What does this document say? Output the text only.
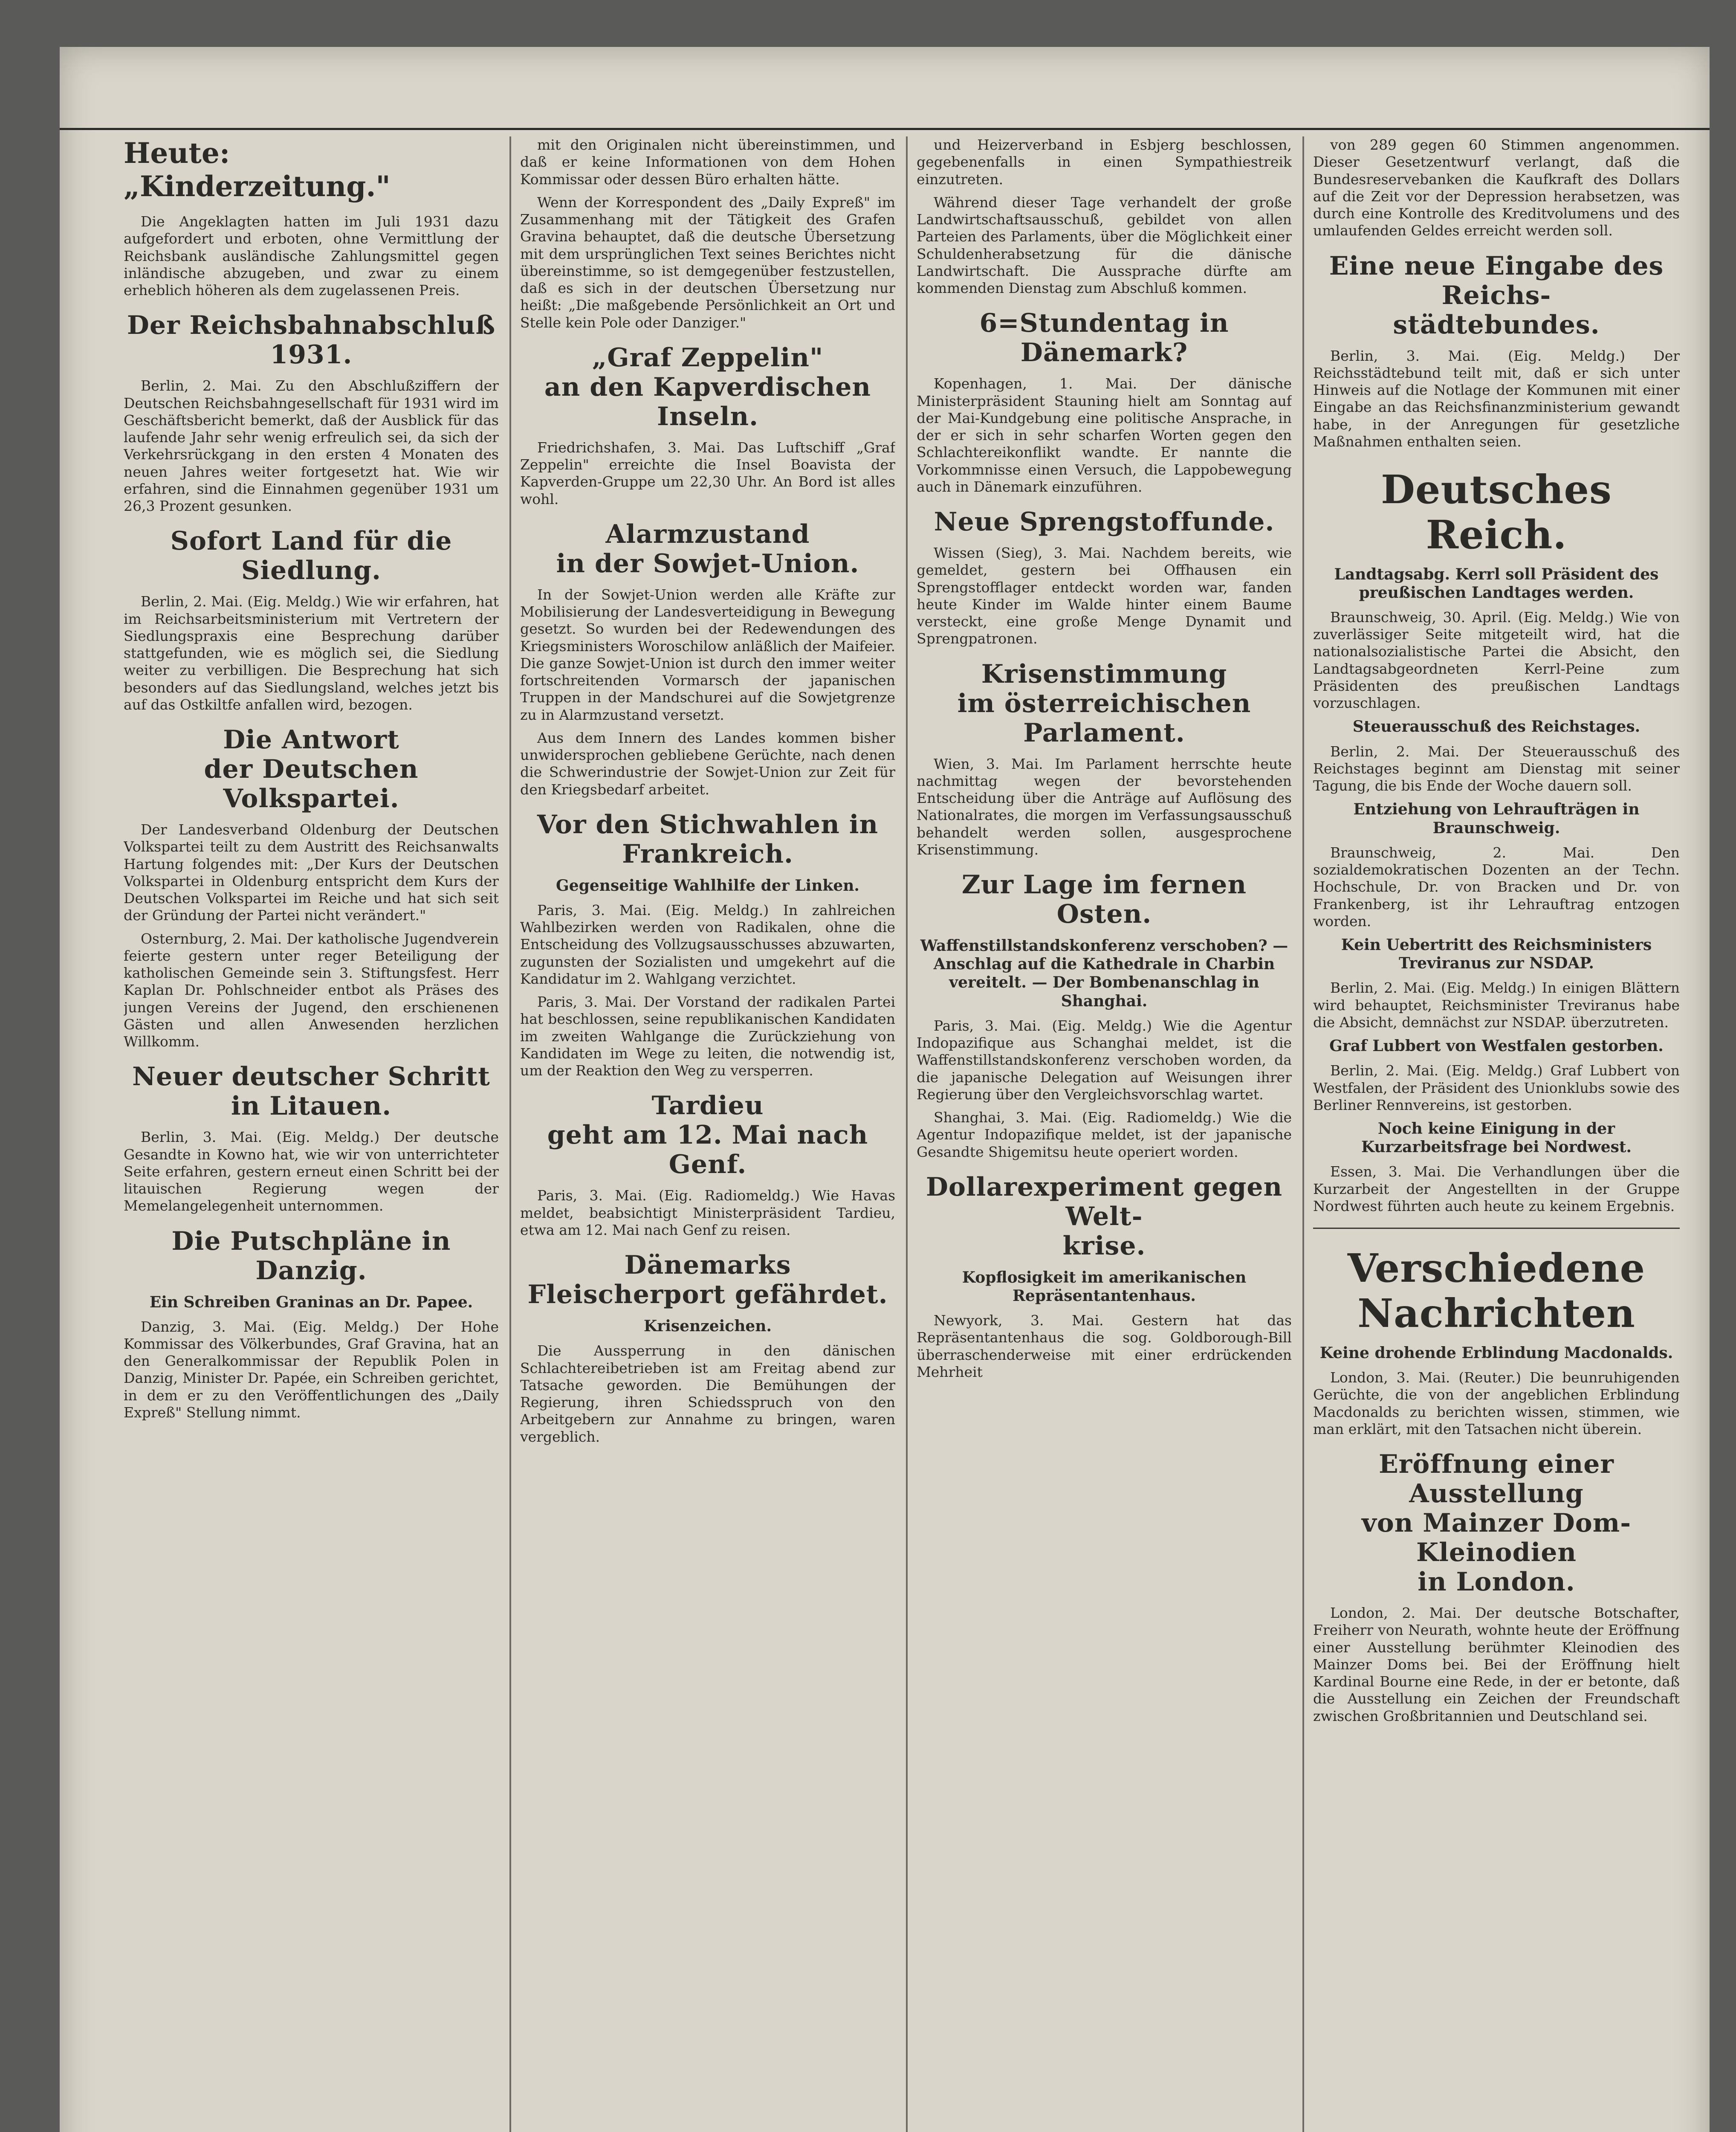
Heute: „Kinderzeitung."

Die Angeklagten hatten im Juli 1931 dazu aufgefordert und erboten, ohne Vermittlung der Reichsbank ausländische Zahlungsmittel gegen inländische abzugeben, und zwar zu einem erheblich höheren als dem zugelassenen Preis.

Der Reichsbahnabschluß 1931.

Berlin, 2. Mai. Zu den Abschlußziffern der Deutschen Reichsbahngesellschaft für 1931 wird im Geschäftsbericht bemerkt, daß der Ausblick für das laufende Jahr sehr wenig erfreulich sei, da sich der Verkehrsrückgang in den ersten 4 Monaten des neuen Jahres weiter fortgesetzt hat. Wie wir erfahren, sind die Einnahmen gegenüber 1931 um 26,3 Prozent gesunken.

Sofort Land für die Siedlung.

Berlin, 2. Mai. (Eig. Meldg.) Wie wir erfahren, hat im Reichsarbeitsministerium mit Vertretern der Siedlungspraxis eine Besprechung darüber stattgefunden, wie es möglich sei, die Siedlung weiter zu verbilligen. Die Besprechung hat sich besonders auf das Siedlungsland, welches jetzt bis auf das Ostkiltfe anfallen wird, bezogen.

Die Antwort
der Deutschen Volkspartei.

Der Landesverband Oldenburg der Deutschen Volkspartei teilt zu dem Austritt des Reichsanwalts Hartung folgendes mit: „Der Kurs der Deutschen Volkspartei in Oldenburg entspricht dem Kurs der Deutschen Volkspartei im Reiche und hat sich seit der Gründung der Partei nicht verändert."

Osternburg, 2. Mai. Der katholische Jugendverein feierte gestern unter reger Beteiligung der katholischen Gemeinde sein 3. Stiftungsfest. Herr Kaplan Dr. Pohlschneider entbot als Präses des jungen Vereins der Jugend, den erschienenen Gästen und allen Anwesenden herzlichen Willkomm.

Neuer deutscher Schritt
in Litauen.

Berlin, 3. Mai. (Eig. Meldg.) Der deutsche Gesandte in Kowno hat, wie wir von unterrichteter Seite erfahren, gestern erneut einen Schritt bei der litauischen Regierung wegen der Memelangelegenheit unternommen.

Die Putschpläne in Danzig.
Ein Schreiben Graninas an Dr. Papee.

Danzig, 3. Mai. (Eig. Meldg.) Der Hohe Kommissar des Völkerbundes, Graf Gravina, hat an den Generalkommissar der Republik Polen in Danzig, Minister Dr. Papée, ein Schreiben gerichtet, in dem er zu den Veröffentlichungen des „Daily Expreß" Stellung nimmt.

mit den Originalen nicht übereinstimmen, und daß er keine Informationen von dem Hohen Kommissar oder dessen Büro erhalten hätte.

Wenn der Korrespondent des „Daily Expreß" im Zusammenhang mit der Tätigkeit des Grafen Gravina behauptet, daß die deutsche Übersetzung mit dem ursprünglichen Text seines Berichtes nicht übereinstimme, so ist demgegenüber festzustellen, daß es sich in der deutschen Übersetzung nur heißt: „Die maßgebende Persönlichkeit an Ort und Stelle kein Pole oder Danziger."

„Graf Zeppelin"
an den Kapverdischen Inseln.

Friedrichshafen, 3. Mai. Das Luftschiff „Graf Zeppelin" erreichte die Insel Boavista der Kapverden-Gruppe um 22,30 Uhr. An Bord ist alles wohl.

Alarmzustand
in der Sowjet-Union.

In der Sowjet-Union werden alle Kräfte zur Mobilisierung der Landesverteidigung in Bewegung gesetzt. So wurden bei der Redewendungen des Kriegsministers Woroschilow anläßlich der Maifeier. Die ganze Sowjet-Union ist durch den immer weiter fortschreitenden Vormarsch der japanischen Truppen in der Mandschurei auf die Sowjetgrenze zu in Alarmzustand versetzt.

Aus dem Innern des Landes kommen bisher unwidersprochen gebliebene Gerüchte, nach denen die Schwerindustrie der Sowjet-Union zur Zeit für den Kriegsbedarf arbeitet.

Vor den Stichwahlen in
Frankreich.
Gegenseitige Wahlhilfe der Linken.

Paris, 3. Mai. (Eig. Meldg.) In zahlreichen Wahlbezirken werden von Radikalen, ohne die Entscheidung des Vollzugsausschusses abzuwarten, zugunsten der Sozialisten und umgekehrt auf die Kandidatur im 2. Wahlgang verzichtet.

Paris, 3. Mai. Der Vorstand der radikalen Partei hat beschlossen, seine republikanischen Kandidaten im zweiten Wahlgange die Zurückziehung von Kandidaten im Wege zu leiten, die notwendig ist, um der Reaktion den Weg zu versperren.

Tardieu
geht am 12. Mai nach Genf.

Paris, 3. Mai. (Eig. Radiomeldg.) Wie Havas meldet, beabsichtigt Ministerpräsident Tardieu, etwa am 12. Mai nach Genf zu reisen.

Dänemarks
Fleischerport gefährdet.
Krisenzeichen.

Die Aussperrung in den dänischen Schlachtereibetrieben ist am Freitag abend zur Tatsache geworden. Die Bemühungen der Regierung, ihren Schiedsspruch von den Arbeitgebern zur Annahme zu bringen, waren vergeblich.

und Heizerverband in Esbjerg beschlossen, gegebenenfalls in einen Sympathiestreik einzutreten.

Während dieser Tage verhandelt der große Landwirtschaftsausschuß, gebildet von allen Parteien des Parlaments, über die Möglichkeit einer Schuldenherabsetzung für die dänische Landwirtschaft. Die Aussprache dürfte am kommenden Dienstag zum Abschluß kommen.

6=Stundentag in Dänemark?

Kopenhagen, 1. Mai. Der dänische Ministerpräsident Stauning hielt am Sonntag auf der Mai-Kundgebung eine politische Ansprache, in der er sich in sehr scharfen Worten gegen den Schlachtereikonflikt wandte. Er nannte die Vorkommnisse einen Versuch, die Lappobewegung auch in Dänemark einzuführen.

Neue Sprengstoffunde.

Wissen (Sieg), 3. Mai. Nachdem bereits, wie gemeldet, gestern bei Offhausen ein Sprengstofflager entdeckt worden war, fanden heute Kinder im Walde hinter einem Baume versteckt, eine große Menge Dynamit und Sprengpatronen.

Krisenstimmung
im österreichischen Parlament.

Wien, 3. Mai. Im Parlament herrschte heute nachmittag wegen der bevorstehenden Entscheidung über die Anträge auf Auflösung des Nationalrates, die morgen im Verfassungsausschuß behandelt werden sollen, ausgesprochene Krisenstimmung.

Zur Lage im fernen Osten.
Waffenstillstandskonferenz verschoben? — Anschlag auf die Kathedrale in Charbin vereitelt. — Der Bombenanschlag in Shanghai.

Paris, 3. Mai. (Eig. Meldg.) Wie die Agentur Indopazifique aus Schanghai meldet, ist die Waffenstillstandskonferenz verschoben worden, da die japanische Delegation auf Weisungen ihrer Regierung über den Vergleichsvorschlag wartet.

Shanghai, 3. Mai. (Eig. Radiomeldg.) Wie die Agentur Indopazifique meldet, ist der japanische Gesandte Shigemitsu heute operiert worden.

Dollarexperiment gegen Welt-
krise.
Kopflosigkeit im amerikanischen Repräsentantenhaus.

Newyork, 3. Mai. Gestern hat das Repräsentantenhaus die sog. Goldborough-Bill überraschenderweise mit einer erdrückenden Mehrheit

von 289 gegen 60 Stimmen angenommen. Dieser Gesetzentwurf verlangt, daß die Bundesreservebanken die Kaufkraft des Dollars auf die Zeit vor der Depression herabsetzen, was durch eine Kontrolle des Kreditvolumens und des umlaufenden Geldes erreicht werden soll.

Eine neue Eingabe des Reichs-
städtebundes.

Berlin, 3. Mai. (Eig. Meldg.) Der Reichsstädtebund teilt mit, daß er sich unter Hinweis auf die Notlage der Kommunen mit einer Eingabe an das Reichsfinanzministerium gewandt habe, in der Anregungen für gesetzliche Maßnahmen enthalten seien.

Deutsches Reich.
Landtagsabg. Kerrl soll Präsident des preußischen Landtages werden.

Braunschweig, 30. April. (Eig. Meldg.) Wie von zuverlässiger Seite mitgeteilt wird, hat die nationalsozialistische Partei die Absicht, den Landtagsabgeordneten Kerrl-Peine zum Präsidenten des preußischen Landtags vorzuschlagen.

Steuerausschuß des Reichstages.

Berlin, 2. Mai. Der Steuerausschuß des Reichstages beginnt am Dienstag mit seiner Tagung, die bis Ende der Woche dauern soll.

Entziehung von Lehraufträgen in Braunschweig.

Braunschweig, 2. Mai. Den sozialdemokratischen Dozenten an der Techn. Hochschule, Dr. von Bracken und Dr. von Frankenberg, ist ihr Lehrauftrag entzogen worden.

Kein Uebertritt des Reichsministers Treviranus zur NSDAP.

Berlin, 2. Mai. (Eig. Meldg.) In einigen Blättern wird behauptet, Reichsminister Treviranus habe die Absicht, demnächst zur NSDAP. überzutreten.

Graf Lubbert von Westfalen gestorben.

Berlin, 2. Mai. (Eig. Meldg.) Graf Lubbert von Westfalen, der Präsident des Unionklubs sowie des Berliner Rennvereins, ist gestorben.

Noch keine Einigung in der Kurzarbeitsfrage bei Nordwest.

Essen, 3. Mai. Die Verhandlungen über die Kurzarbeit der Angestellten in der Gruppe Nordwest führten auch heute zu keinem Ergebnis.

Verschiedene Nachrichten
Keine drohende Erblindung Macdonalds.

London, 3. Mai. (Reuter.) Die beunruhigenden Gerüchte, die von der angeblichen Erblindung Macdonalds zu berichten wissen, stimmen, wie man erklärt, mit den Tatsachen nicht überein.

Eröffnung einer Ausstellung
von Mainzer Dom-Kleinodien
in London.

London, 2. Mai. Der deutsche Botschafter, Freiherr von Neurath, wohnte heute der Eröffnung einer Ausstellung berühmter Kleinodien des Mainzer Doms bei. Bei der Eröffnung hielt Kardinal Bourne eine Rede, in der er betonte, daß die Ausstellung ein Zeichen der Freundschaft zwischen Großbritannien und Deutschland sei.
